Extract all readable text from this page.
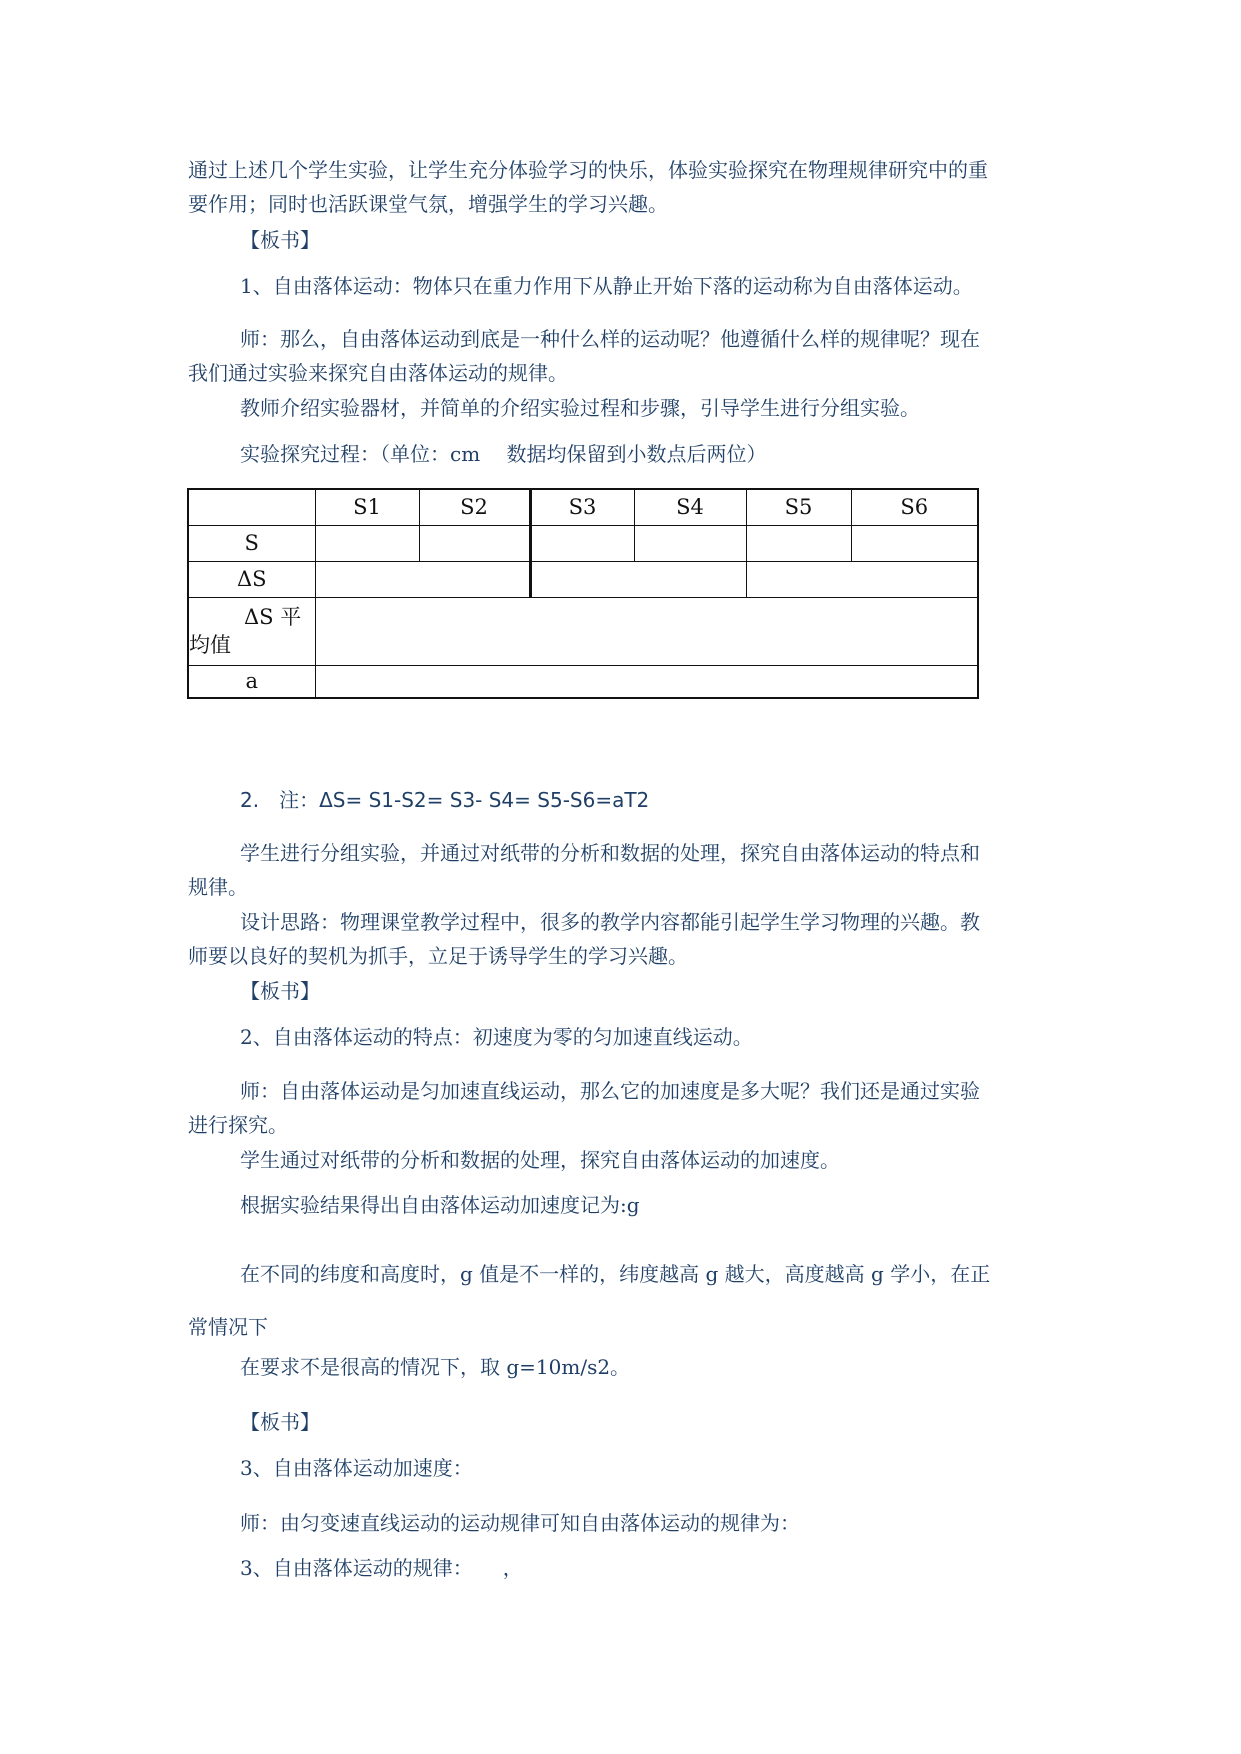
通过上述几个学生实验，让学生充分体验学习的快乐，体验实验探究在物理规律研究中的重
要作用；同时也活跃课堂气氛，增强学生的学习兴趣。
【板书】
1、自由落体运动：物体只在重力作用下从静止开始下落的运动称为自由落体运动。
师：那么，自由落体运动到底是一种什么样的运动呢？他遵循什么样的规律呢？现在
我们通过实验来探究自由落体运动的规律。
教师介绍实验器材，并简单的介绍实验过程和步骤，引导学生进行分组实验。
实验探究过程：（单位：cm　 数据均保留到小数点后两位）
	S1	S2	S3	S4	S5	S6
S						
ΔS						

ΔS 平
均值						

a						
2.　注：ΔS= S1-S2= S3- S4= S5-S6=aT2
学生进行分组实验，并通过对纸带的分析和数据的处理，探究自由落体运动的特点和
规律。
设计思路：物理课堂教学过程中，很多的教学内容都能引起学生学习物理的兴趣。教
师要以良好的契机为抓手，立足于诱导学生的学习兴趣。
【板书】
2、自由落体运动的特点：初速度为零的匀加速直线运动。
师：自由落体运动是匀加速直线运动，那么它的加速度是多大呢？我们还是通过实验
进行探究。
学生通过对纸带的分析和数据的处理，探究自由落体运动的加速度。
根据实验结果得出自由落体运动加速度记为:g
在不同的纬度和高度时，g 值是不一样的，纬度越高 g 越大，高度越高 g 学小，在正
常情况下
在要求不是很高的情况下，取 g=10m/s2。
【板书】
3、自由落体运动加速度：
师：由匀变速直线运动的运动规律可知自由落体运动的规律为：
3、自由落体运动的规律：　　，
